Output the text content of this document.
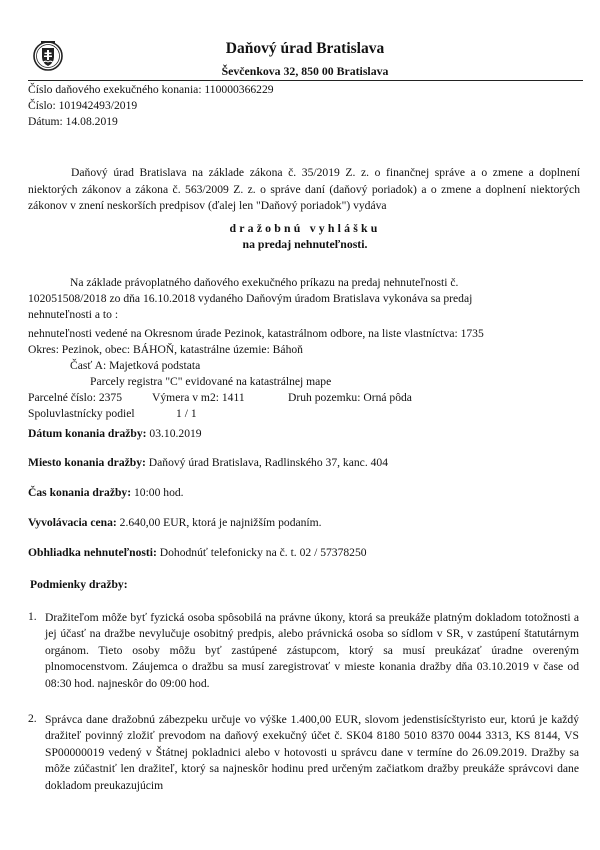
Daňový úrad Bratislava
Ševčenkova 32, 850 00 Bratislava
Číslo daňového exekučného konania: 110000366229
Číslo: 101942493/2019
Dátum: 14.08.2019
Daňový úrad Bratislava na základe zákona č. 35/2019 Z. z. o finančnej správe a o zmene a doplnení niektorých zákonov a zákona č. 563/2009 Z. z. o správe daní (daňový poriadok) a o zmene a doplnení niektorých zákonov v znení neskorších predpisov (ďalej len "Daňový poriadok") vydáva
dražobnú vyhlášku
na predaj nehnuteľnosti.
Na základe právoplatného daňového exekučného príkazu na predaj nehnuteľnosti č.
10205150​8/2018 zo dňa 16.10.2018 vydaného Daňovým úradom Bratislava vykonáva sa predaj
nehnuteľnosti a to :
nehnuteľnosti vedené na Okresnom úrade Pezinok, katastrálnom odbore, na liste vlastníctva: 1735
Okres: Pezinok, obec: BÁHOŇ, katastrálne územie: Báhoň
Časť A: Majetková podstata
Parcely registra "C" evidované na katastrálnej mape
Parcelné číslo: 2375	Výmera v m2: 1411	Druh pozemku: Orná pôda
Spoluvlastnícky podiel	1 / 1
Dátum konania dražby: 03.10.2019
Miesto konania dražby: Daňový úrad Bratislava, Radlinského 37, kanc. 404
Čas konania dražby: 10:00 hod.
Vyvolávacia cena: 2.640,00 EUR, ktorá je najnižším podaním.
Obhliadka nehnuteľnosti: Dohodnúť telefonicky na č. t. 02 / 57378250
Podmienky dražby:
1. Dražiteľom môže byť fyzická osoba spôsobilá na právne úkony, ktorá sa preukáže platným dokladom totožnosti a jej účasť na dražbe nevylučuje osobitný predpis, alebo právnická osoba so sídlom v SR, v zastúpení štatutárnym orgánom. Tieto osoby môžu byť zastúpené zástupcom, ktorý sa musí preukázať úradne overeným plnomocenstvom. Záujemca o dražbu sa musí zaregistrovať v mieste konania dražby dňa 03.10.2019 v čase od 08:30 hod. najneskôr do 09:00 hod.
2. Správca dane dražobnú zábezpeku určuje vo výške 1.400,00 EUR, slovom jedenstisícštyristo eur, ktorú je každý dražiteľ povinný zložiť prevodom na daňový exekučný účet č. SK04 8180 5010 8370 0044 3313, KS 8144, VS SP00000019 vedený v Štátnej pokladnici alebo v hotovosti u správcu dane v termíne do 26.09.2019. Dražby sa môže zúčastniť len dražiteľ, ktorý sa najneskôr hodinu pred určeným začiatkom dražby preukáže správcovi dane dokladom preukazujúcim
